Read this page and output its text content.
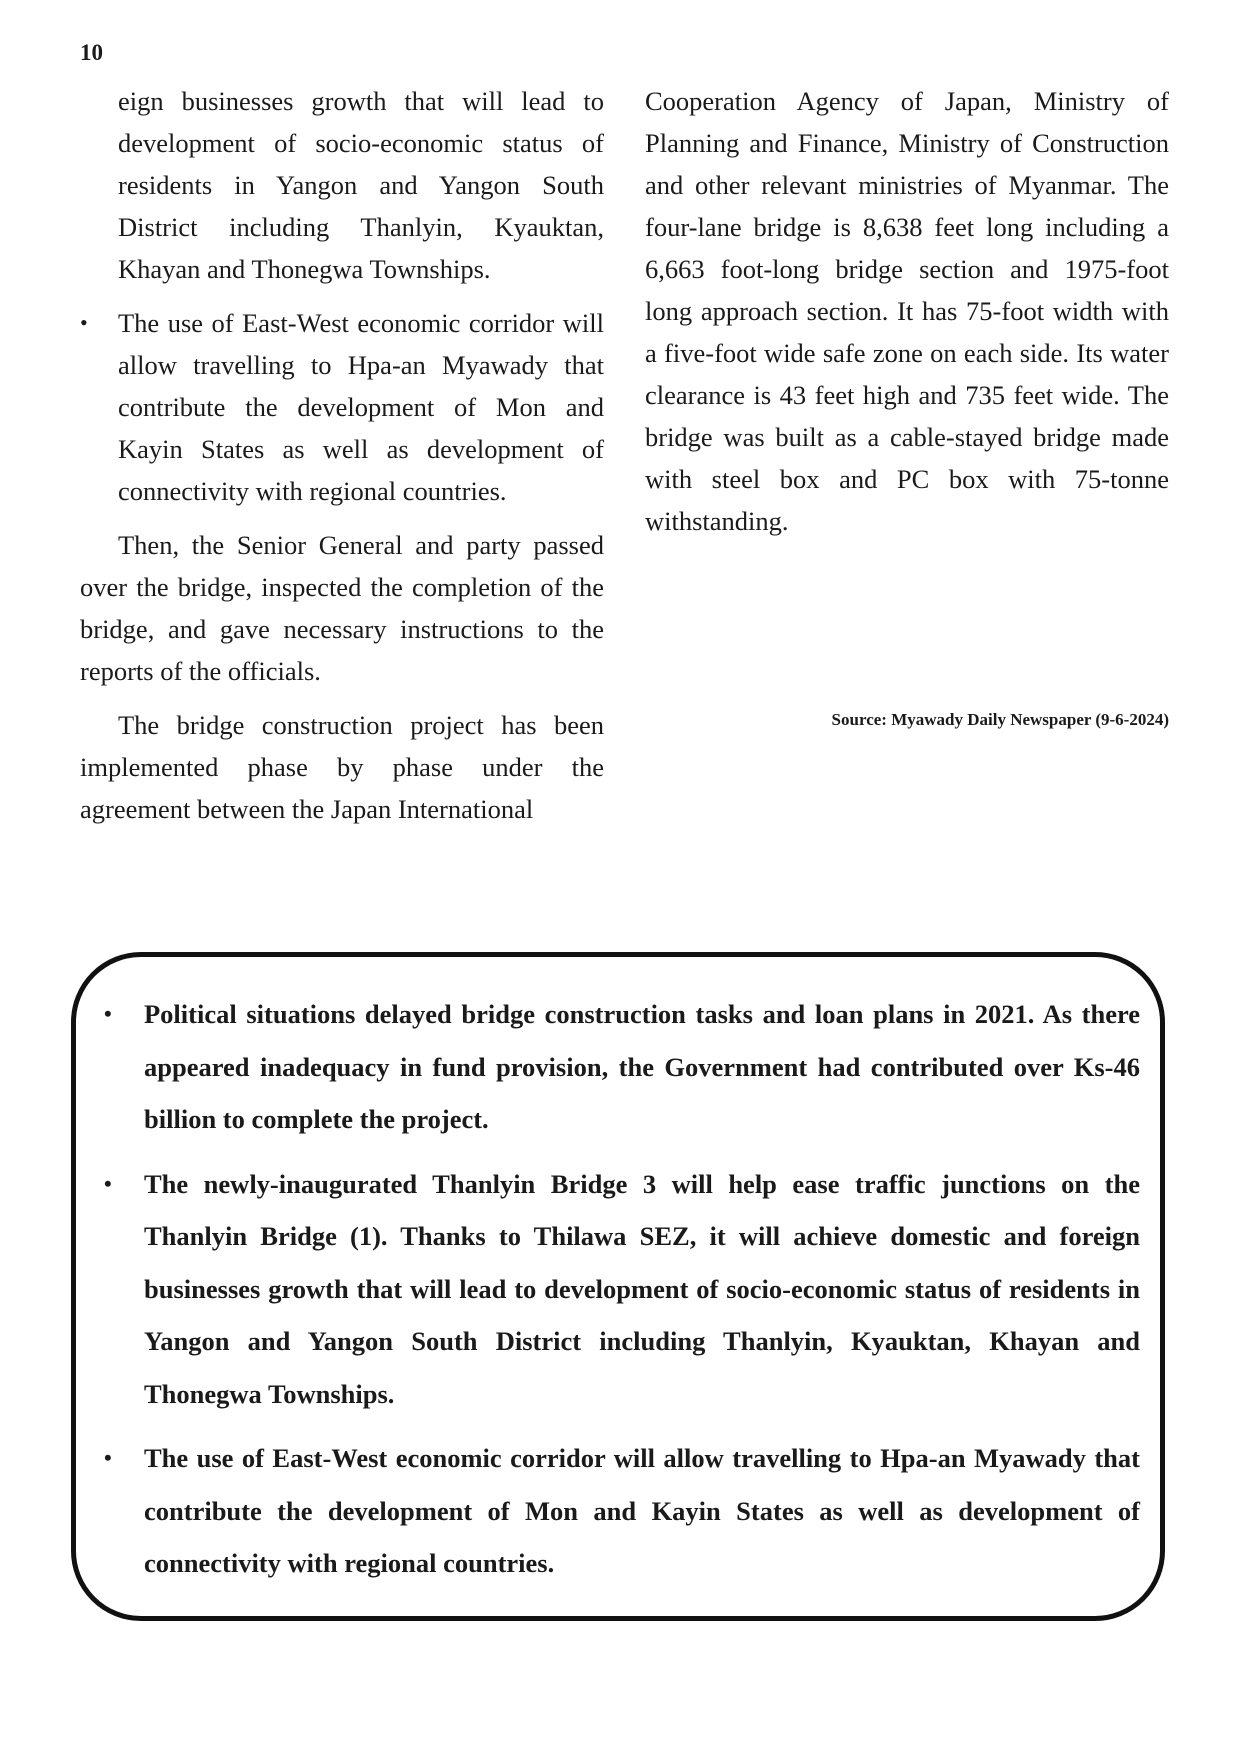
10

eign businesses growth that will lead to development of socio-economic status of residents in Yangon and Yangon South District including Thanlyin, Kyauktan, Khayan and Thonegwa Townships.

• The use of East-West economic corridor will allow travelling to Hpa-an Myawady that contribute the development of Mon and Kayin States as well as development of connectivity with regional countries.

Then, the Senior General and party passed over the bridge, inspected the completion of the bridge, and gave necessary instructions to the reports of the officials.

The bridge construction project has been implemented phase by phase under the agreement between the Japan International

Cooperation Agency of Japan, Ministry of Planning and Finance, Ministry of Construction and other relevant ministries of Myanmar. The four-lane bridge is 8,638 feet long including a 6,663 foot-long bridge section and 1975-foot long approach section. It has 75-foot width with a five-foot wide safe zone on each side. Its water clearance is 43 feet high and 735 feet wide. The bridge was built as a cable-stayed bridge made with steel box and PC box with 75-tonne withstanding.

Source: Myawady Daily Newspaper (9-6-2024)
• Political situations delayed bridge construction tasks and loan plans in 2021. As there appeared inadequacy in fund provision, the Government had contributed over Ks-46 billion to complete the project.
• The newly-inaugurated Thanlyin Bridge 3 will help ease traffic junctions on the Thanlyin Bridge (1). Thanks to Thilawa SEZ, it will achieve domestic and foreign businesses growth that will lead to development of socio-economic status of residents in Yangon and Yangon South District including Thanlyin, Kyauktan, Khayan and Thonegwa Townships.
• The use of East-West economic corridor will allow travelling to Hpa-an Myawady that contribute the development of Mon and Kayin States as well as development of connectivity with regional countries.
